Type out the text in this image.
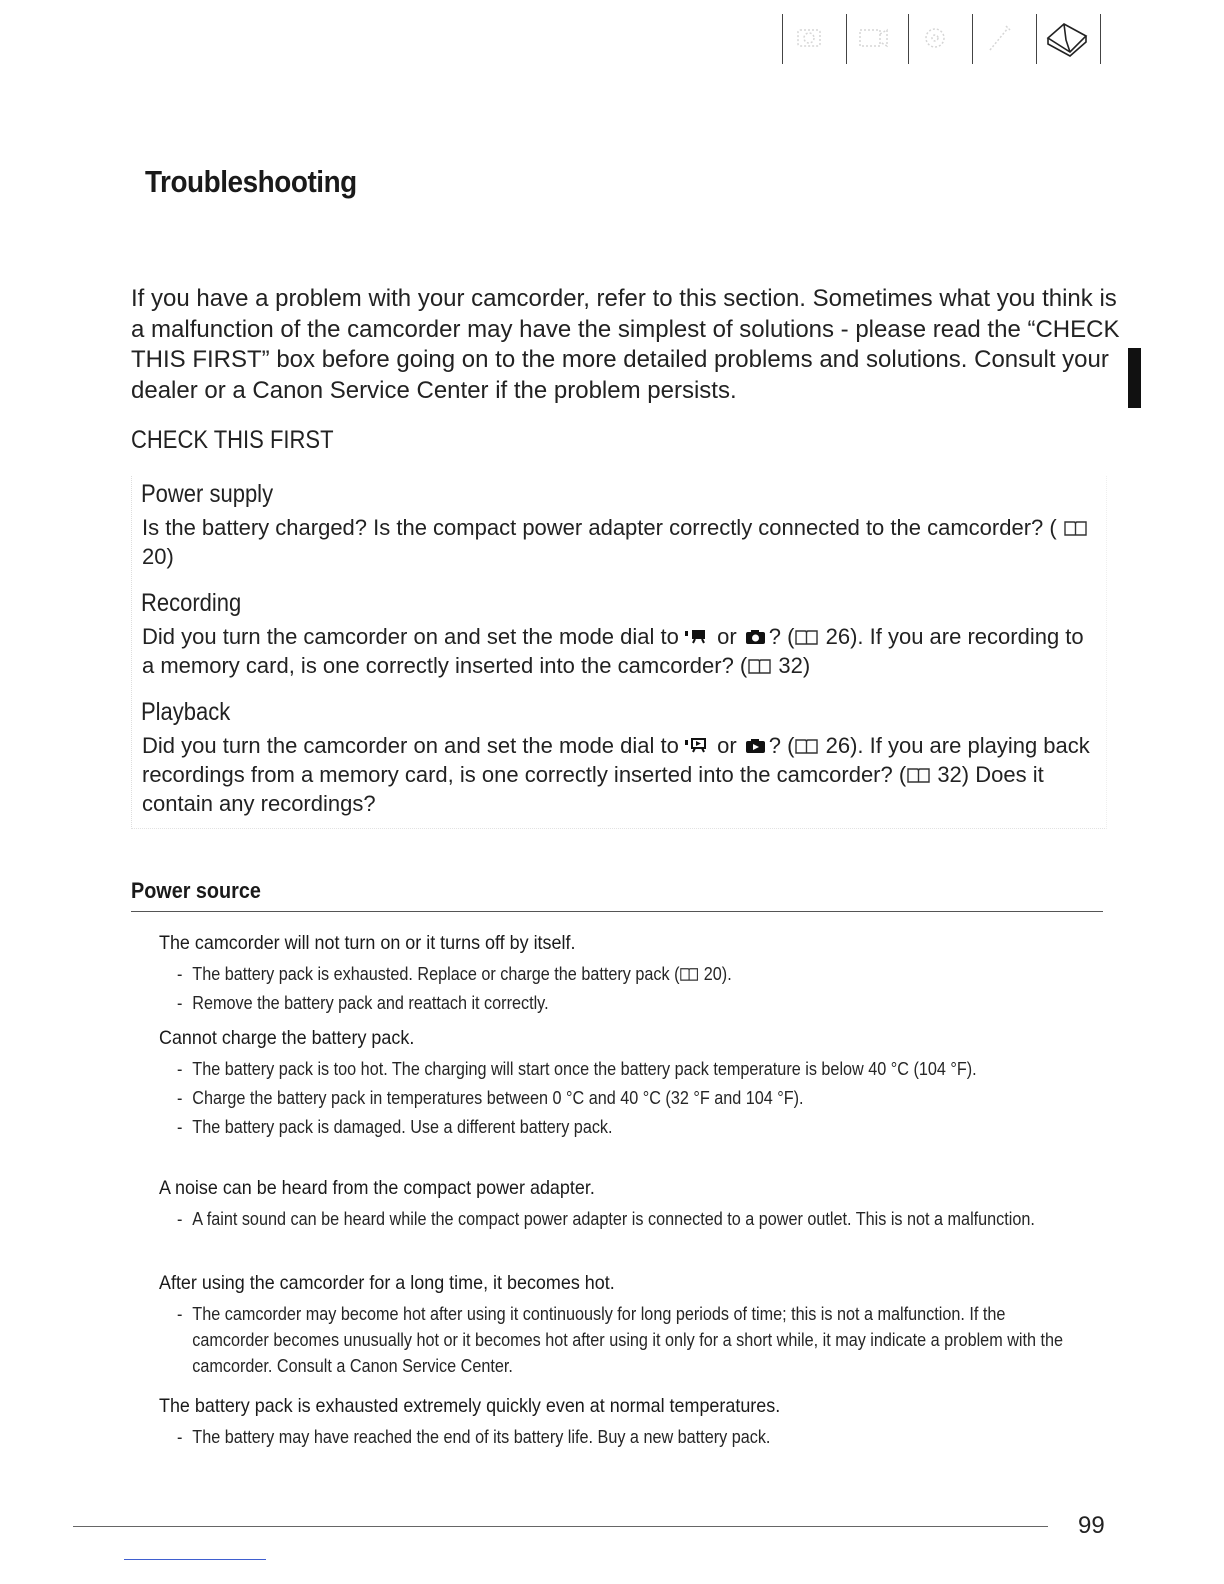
Troubleshooting

If you have a problem with your camcorder, refer to this section. Sometimes what you think is a malfunction of the camcorder may have the simplest of solutions - please read the “CHECK THIS FIRST” box before going on to the more detailed problems and solutions. Consult your dealer or a Canon Service Center if the problem persists.

CHECK THIS FIRST
Power supply

Is the battery charged? Is the compact power adapter correctly connected to the camcorder? (  20)

Recording

Did you turn the camcorder on and set the mode dial to  or ? ( 26). If you are recording to a memory card, is one correctly inserted into the camcorder? ( 32)

Playback

Did you turn the camcorder on and set the mode dial to  or ? ( 26). If you are playing back recordings from a memory card, is one correctly inserted into the camcorder? ( 32) Does it contain any recordings?

Power source
The camcorder will not turn on or it turns off by itself.

- The battery pack is exhausted. Replace or charge the battery pack ( 20).

- Remove the battery pack and reattach it correctly.

Cannot charge the battery pack.

- The battery pack is too hot. The charging will start once the battery pack temperature is below 40 °C (104 °F).

- Charge the battery pack in temperatures between 0 °C and 40 °C (32 °F and 104 °F).

- The battery pack is damaged. Use a different battery pack.

A noise can be heard from the compact power adapter.

- A faint sound can be heard while the compact power adapter is connected to a power outlet. This is not a malfunction.

After using the camcorder for a long time, it becomes hot.

- The camcorder may become hot after using it continuously for long periods of time; this is not a malfunction. If the camcorder becomes unusually hot or it becomes hot after using it only for a short while, it may indicate a problem with the camcorder. Consult a Canon Service Center.

The battery pack is exhausted extremely quickly even at normal temperatures.

- The battery may have reached the end of its battery life. Buy a new battery pack.

99
